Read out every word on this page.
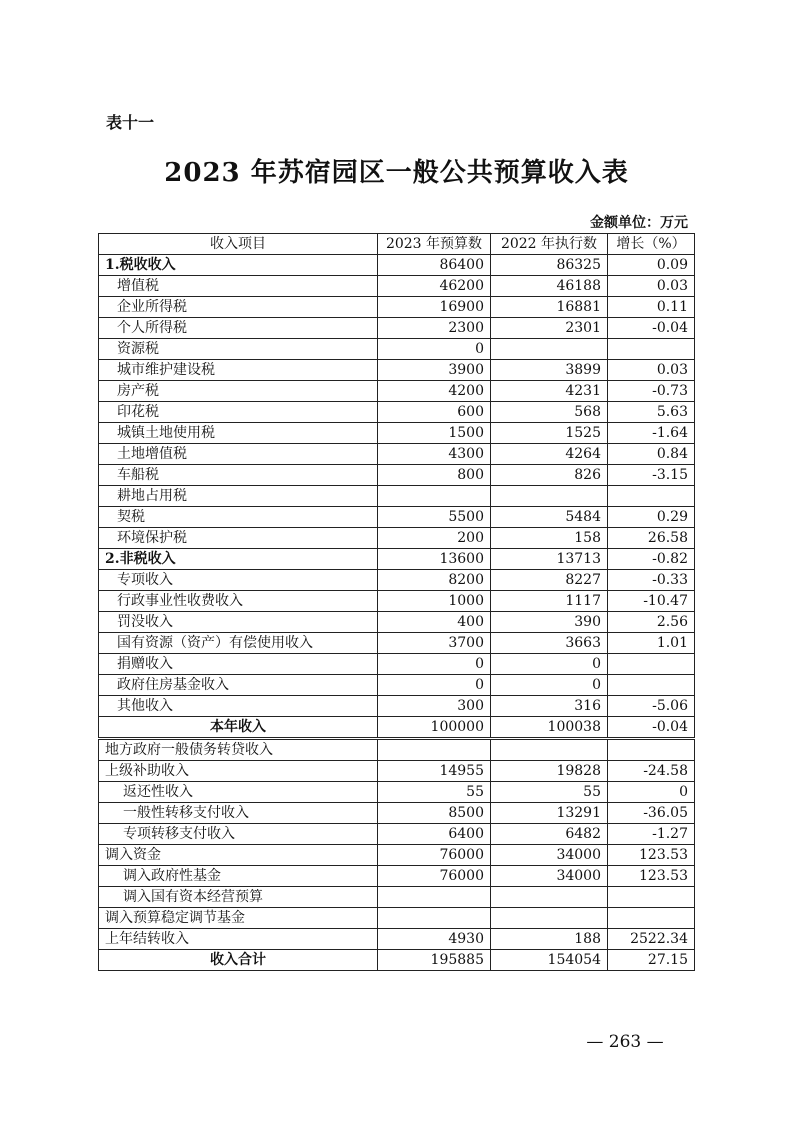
表十一
2023 年苏宿园区一般公共预算收入表
金额单位：万元
收入项目	2023 年预算数	2022 年执行数	增长（%）
1.税收收入	86400	86325	0.09
增值税	46200	46188	0.03
企业所得税	16900	16881	0.11
个人所得税	2300	2301	-0.04
资源税	0		
城市维护建设税	3900	3899	0.03
房产税	4200	4231	-0.73
印花税	600	568	5.63
城镇土地使用税	1500	1525	-1.64
土地增值税	4300	4264	0.84
车船税	800	826	-3.15
耕地占用税			
契税	5500	5484	0.29
环境保护税	200	158	26.58
2.非税收入	13600	13713	-0.82
专项收入	8200	8227	-0.33
行政事业性收费收入	1000	1117	-10.47
罚没收入	400	390	2.56
国有资源（资产）有偿使用收入	3700	3663	1.01
捐赠收入	0	0	
政府住房基金收入	0	0	
其他收入	300	316	-5.06
本年收入	100000	100038	-0.04
地方政府一般债务转贷收入			
上级补助收入	14955	19828	-24.58
返还性收入	55	55	0
一般性转移支付收入	8500	13291	-36.05
专项转移支付收入	6400	6482	-1.27
调入资金	76000	34000	123.53
调入政府性基金	76000	34000	123.53
调入国有资本经营预算			
调入预算稳定调节基金			
上年结转收入	4930	188	2522.34
收入合计	195885	154054	27.15
— 263 —
